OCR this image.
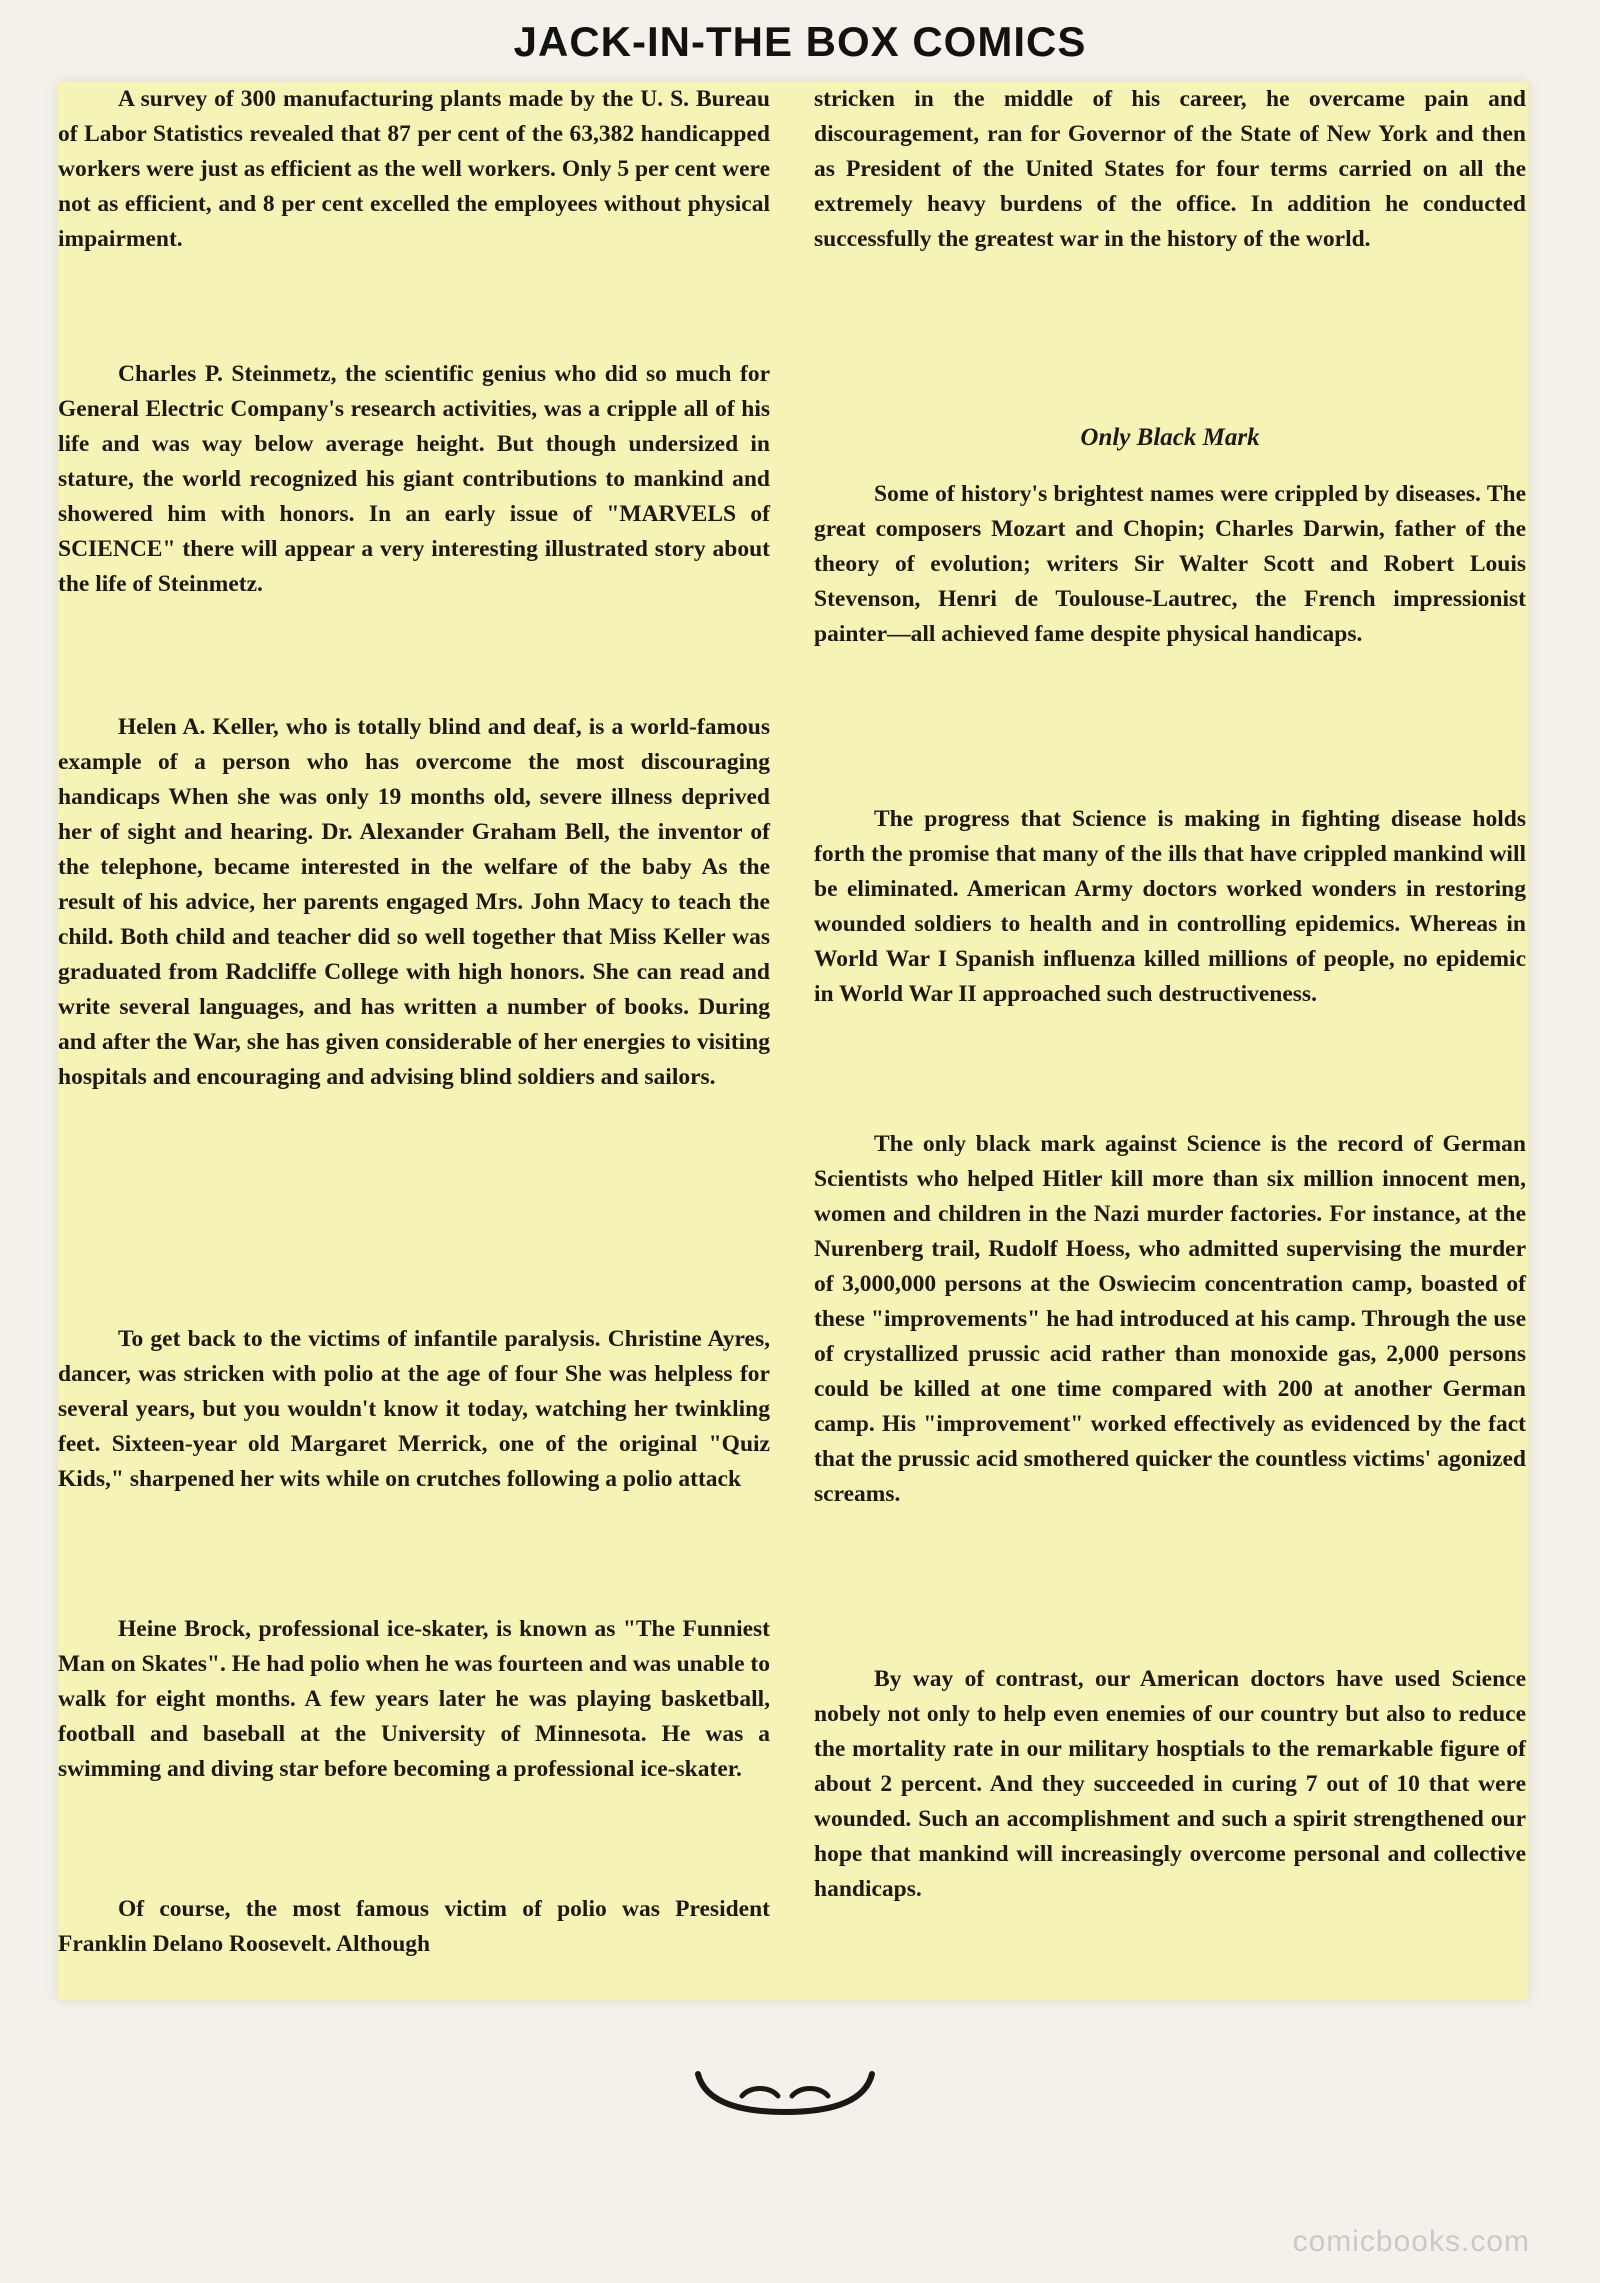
JACK-IN-THE BOX COMICS

A survey of 300 manufacturing plants made by the U. S. Bureau of Labor Statistics revealed that 87 per cent of the 63,382 handicapped workers were just as efficient as the well workers. Only 5 per cent were not as efficient, and 8 per cent excelled the employees without physical impairment.

Charles P. Steinmetz, the scientific genius who did so much for General Electric Company's research activities, was a cripple all of his life and was way below average height. But though undersized in stature, the world recognized his giant contributions to mankind and showered him with honors. In an early issue of "MARVELS of SCIENCE" there will appear a very interesting illustrated story about the life of Steinmetz.

Helen A. Keller, who is totally blind and deaf, is a world-famous example of a person who has overcome the most discouraging handicaps When she was only 19 months old, severe illness deprived her of sight and hearing. Dr. Alexander Graham Bell, the inventor of the telephone, became interested in the welfare of the baby As the result of his advice, her parents engaged Mrs. John Macy to teach the child. Both child and teacher did so well together that Miss Keller was graduated from Radcliffe College with high honors. She can read and write several languages, and has written a number of books. During and after the War, she has given considerable of her energies to visiting hospitals and encouraging and advising blind soldiers and sailors.

To get back to the victims of infantile paralysis. Christine Ayres, dancer, was stricken with polio at the age of four She was helpless for several years, but you wouldn't know it today, watching her twinkling feet. Sixteen-year old Margaret Merrick, one of the original "Quiz Kids," sharpened her wits while on crutches following a polio attack

Heine Brock, professional ice-skater, is known as "The Funniest Man on Skates". He had polio when he was fourteen and was unable to walk for eight months. A few years later he was playing basketball, football and baseball at the University of Minnesota. He was a swimming and diving star before becoming a professional ice-skater.

Of course, the most famous victim of polio was President Franklin Delano Roosevelt. Although

stricken in the middle of his career, he overcame pain and discouragement, ran for Governor of the State of New York and then as President of the United States for four terms carried on all the extremely heavy burdens of the office. In addition he conducted successfully the greatest war in the history of the world.

Only Black Mark

Some of history's brightest names were crippled by diseases. The great composers Mozart and Chopin; Charles Darwin, father of the theory of evolution; writers Sir Walter Scott and Robert Louis Stevenson, Henri de Toulouse-Lautrec, the French impressionist painter—all achieved fame despite physical handicaps.

The progress that Science is making in fighting disease holds forth the promise that many of the ills that have crippled mankind will be eliminated. American Army doctors worked wonders in restoring wounded soldiers to health and in controlling epidemics. Whereas in World War I Spanish influenza killed millions of people, no epidemic in World War II approached such destructiveness.

The only black mark against Science is the record of German Scientists who helped Hitler kill more than six million innocent men, women and children in the Nazi murder factories. For instance, at the Nurenberg trail, Rudolf Hoess, who admitted supervising the murder of 3,000,000 persons at the Oswiecim concentration camp, boasted of these "improvements" he had introduced at his camp. Through the use of crystallized prussic acid rather than monoxide gas, 2,000 persons could be killed at one time compared with 200 at another German camp. His "improvement" worked effectively as evidenced by the fact that the prussic acid smothered quicker the countless victims' agonized screams.

By way of contrast, our American doctors have used Science nobely not only to help even enemies of our country but also to reduce the mortality rate in our military hosptials to the remarkable figure of about 2 percent. And they succeeded in curing 7 out of 10 that were wounded. Such an accomplishment and such a spirit strengthened our hope that mankind will increasingly overcome personal and collective handicaps.

comicbooks.com
